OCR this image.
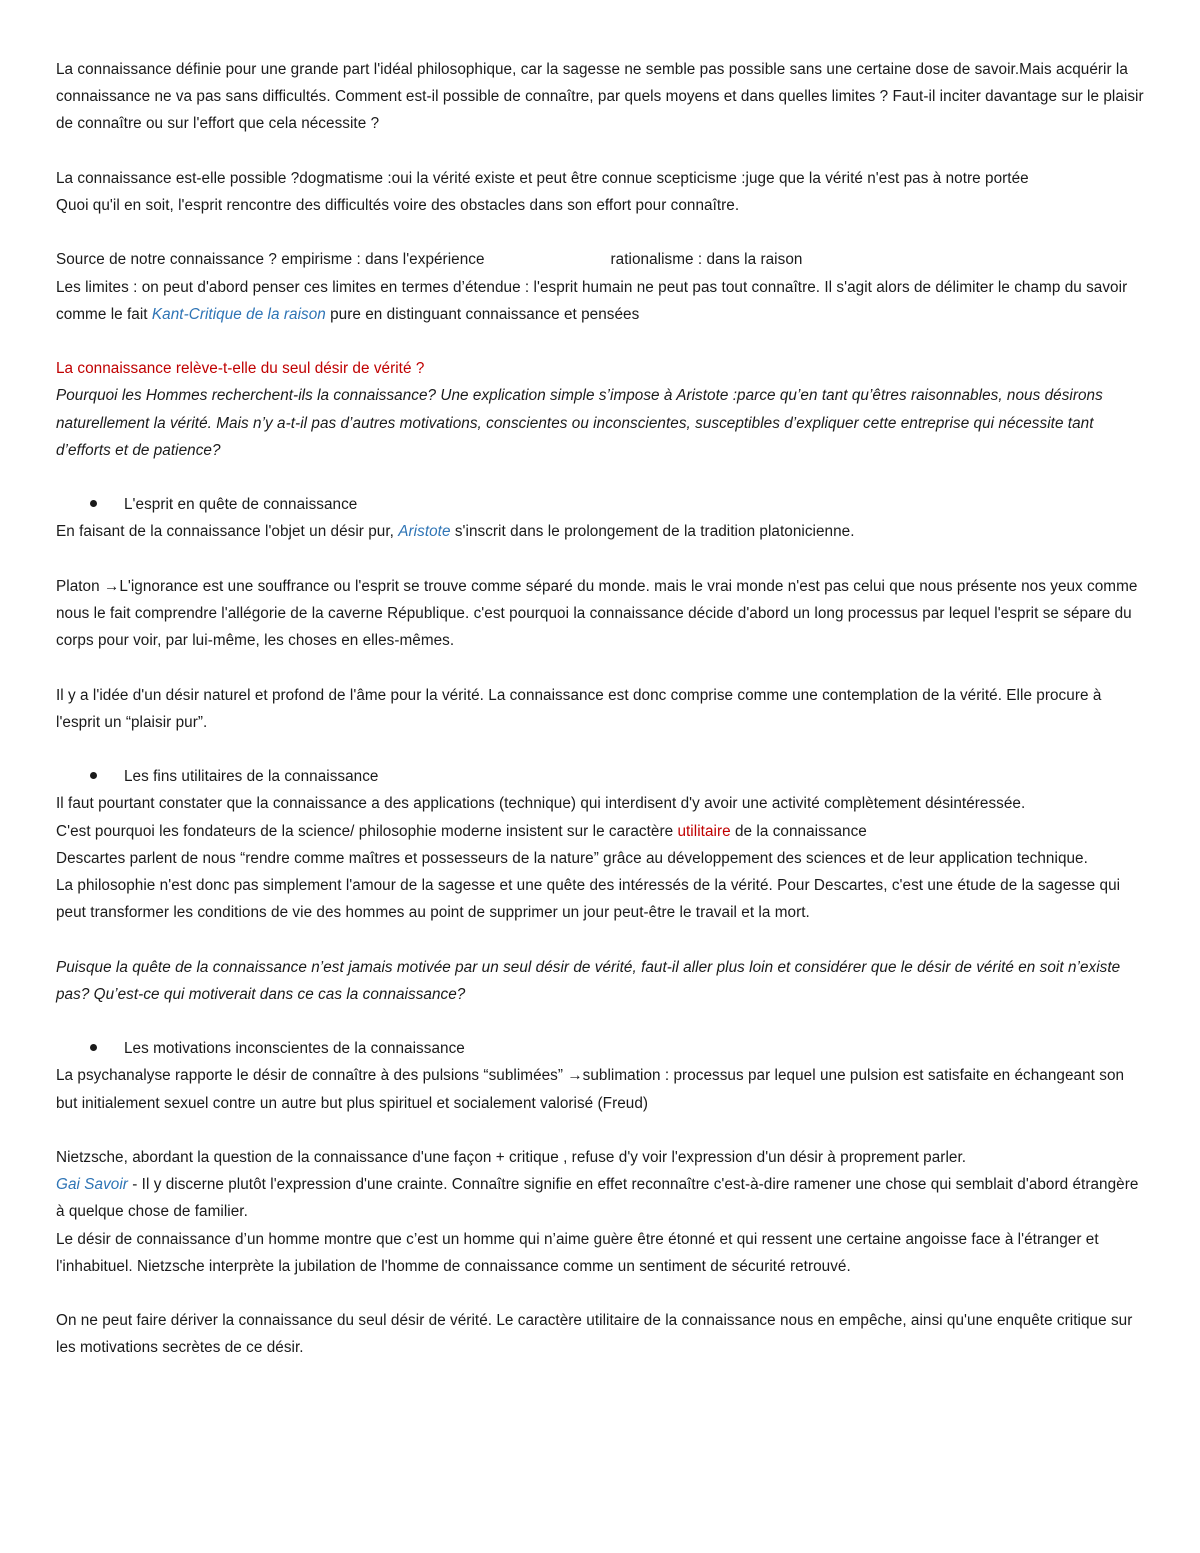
La connaissance définie pour une grande part l'idéal philosophique, car la sagesse ne semble pas possible sans une certaine dose de savoir.Mais acquérir la connaissance ne va pas sans difficultés. Comment est-il possible de connaître, par quels moyens et dans quelles limites ? Faut-il inciter davantage sur le plaisir de connaître ou sur l'effort que cela nécessite ?

La connaissance est-elle possible ?dogmatisme :oui la vérité existe et peut être connue scepticisme :juge que la vérité n'est pas à notre portée

Quoi qu'il en soit, l'esprit rencontre des difficultés voire des obstacles dans son effort pour connaître.

Source de notre connaissance ? empirisme : dans l'expérience	rationalisme : dans la raison

Les limites : on peut d'abord penser ces limites en termes d’étendue : l'esprit humain ne peut pas tout connaître. Il s'agit alors de délimiter le champ du savoir comme le fait Kant-Critique de la raison pure en distinguant connaissance et pensées

La connaissance relève-t-elle du seul désir de vérité ?

Pourquoi les Hommes recherchent-ils la connaissance? Une explication simple s’impose à Aristote :parce qu’en tant qu’êtres raisonnables, nous désirons naturellement la vérité. Mais n’y a-t-il pas d’autres motivations, conscientes ou inconscientes, susceptibles d’expliquer cette entreprise qui nécessite tant d’efforts et de patience?

L'esprit en quête de connaissance

En faisant de la connaissance l'objet un désir pur, Aristote s'inscrit dans le prolongement de la tradition platonicienne.

Platon →L'ignorance est une souffrance ou l'esprit se trouve comme séparé du monde. mais le vrai monde n'est pas celui que nous présente nos yeux comme nous le fait comprendre l'allégorie de la caverne République. c'est pourquoi la connaissance décide d'abord un long processus par lequel l'esprit se sépare du corps pour voir, par lui-même, les choses en elles-mêmes.

Il y a l'idée d'un désir naturel et profond de l'âme pour la vérité. La connaissance est donc comprise comme une contemplation de la vérité. Elle procure à l'esprit un “plaisir pur”.

Les fins utilitaires de la connaissance

Il faut pourtant constater que la connaissance a des applications (technique) qui interdisent d'y avoir une activité complètement désintéressée.

C'est pourquoi les fondateurs de la science/ philosophie moderne insistent sur le caractère utilitaire de la connaissance

Descartes parlent de nous “rendre comme maîtres et possesseurs de la nature” grâce au développement des sciences et de leur application technique.

La philosophie n'est donc pas simplement l'amour de la sagesse et une quête des intéressés de la vérité. Pour Descartes, c'est une étude de la sagesse qui peut transformer les conditions de vie des hommes au point de supprimer un jour peut-être le travail et la mort.

Puisque la quête de la connaissance n’est jamais motivée par un seul désir de vérité, faut-il aller plus loin et considérer que le désir de vérité en soit n’existe pas? Qu’est-ce qui motiverait dans ce cas la connaissance?

Les motivations inconscientes de la connaissance

La psychanalyse rapporte le désir de connaître à des pulsions “sublimées” →sublimation : processus par lequel une pulsion est satisfaite en échangeant son but initialement sexuel contre un autre but plus spirituel et socialement valorisé (Freud)

Nietzsche, abordant la question de la connaissance d'une façon + critique , refuse d'y voir l'expression d'un désir à proprement parler.

Gai Savoir - Il y discerne plutôt l'expression d'une crainte. Connaître signifie en effet reconnaître c'est-à-dire ramener une chose qui semblait d'abord étrangère à quelque chose de familier.

Le désir de connaissance d’un homme montre que c’est un homme qui n’aime guère être étonné et qui ressent une certaine angoisse face à l'étranger et l'inhabituel. Nietzsche interprète la jubilation de l'homme de connaissance comme un sentiment de sécurité retrouvé.

On ne peut faire dériver la connaissance du seul désir de vérité. Le caractère utilitaire de la connaissance nous en empêche, ainsi qu'une enquête critique sur les motivations secrètes de ce désir.
